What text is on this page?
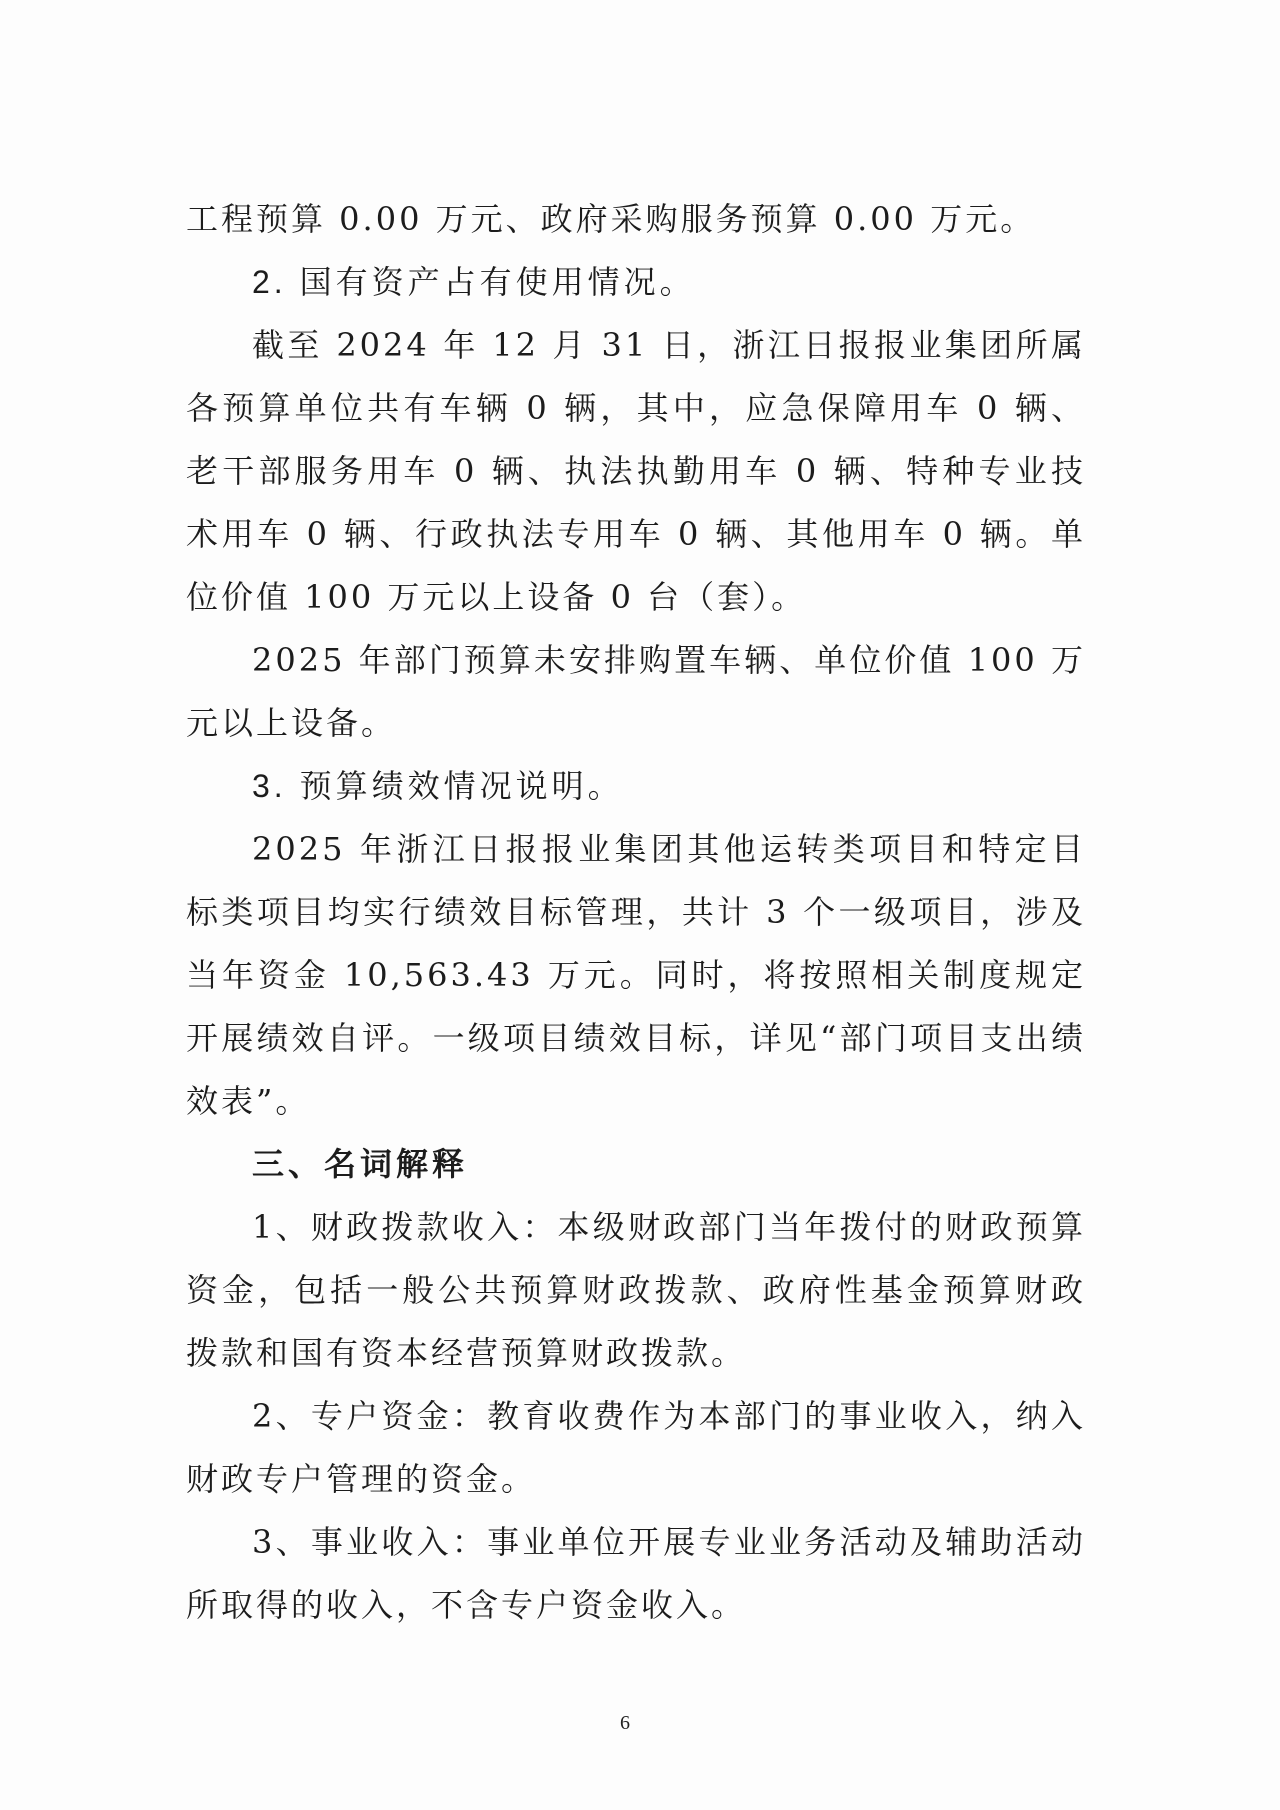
工程预算 0.00 万元、政府采购服务预算 0.00 万元。

2. 国有资产占有使用情况。

截至 2024 年 12 月 31 日，浙江日报报业集团所属各预算单位共有车辆 0 辆，其中，应急保障用车 0 辆、老干部服务用车 0 辆、执法执勤用车 0 辆、特种专业技术用车 0 辆、行政执法专用车 0 辆、其他用车 0 辆。单位价值 100 万元以上设备 0 台（套）。

2025 年部门预算未安排购置车辆、单位价值 100 万元以上设备。

3. 预算绩效情况说明。

2025 年浙江日报报业集团其他运转类项目和特定目标类项目均实行绩效目标管理，共计 3 个一级项目，涉及当年资金 10,563.43 万元。同时，将按照相关制度规定开展绩效自评。一级项目绩效目标，详见“部门项目支出绩效表”。

三、名词解释

1、财政拨款收入：本级财政部门当年拨付的财政预算资金，包括一般公共预算财政拨款、政府性基金预算财政拨款和国有资本经营预算财政拨款。

2、专户资金：教育收费作为本部门的事业收入，纳入财政专户管理的资金。

3、事业收入：事业单位开展专业业务活动及辅助活动所取得的收入，不含专户资金收入。

6
